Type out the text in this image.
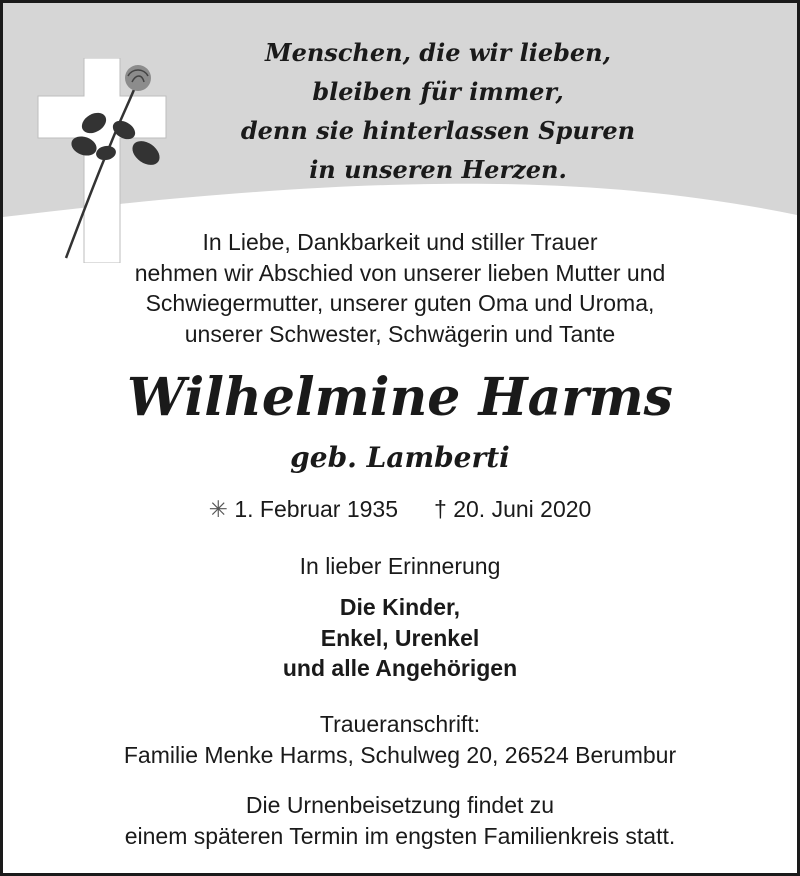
Menschen, die wir lieben,
bleiben für immer,
denn sie hinterlassen Spuren
in unseren Herzen.
In Liebe, Dankbarkeit und stiller Trauer
nehmen wir Abschied von unserer lieben Mutter und
Schwiegermutter, unserer guten Oma und Uroma,
unserer Schwester, Schwägerin und Tante
Wilhelmine Harms
geb. Lamberti
✳ 1. Februar 1935 † 20. Juni 2020
In lieber Erinnerung
Die Kinder,
Enkel, Urenkel
und alle Angehörigen
Traueranschrift:
Familie Menke Harms, Schulweg 20, 26524 Berumbur
Die Urnenbeisetzung findet zu
einem späteren Termin im engsten Familienkreis statt.
